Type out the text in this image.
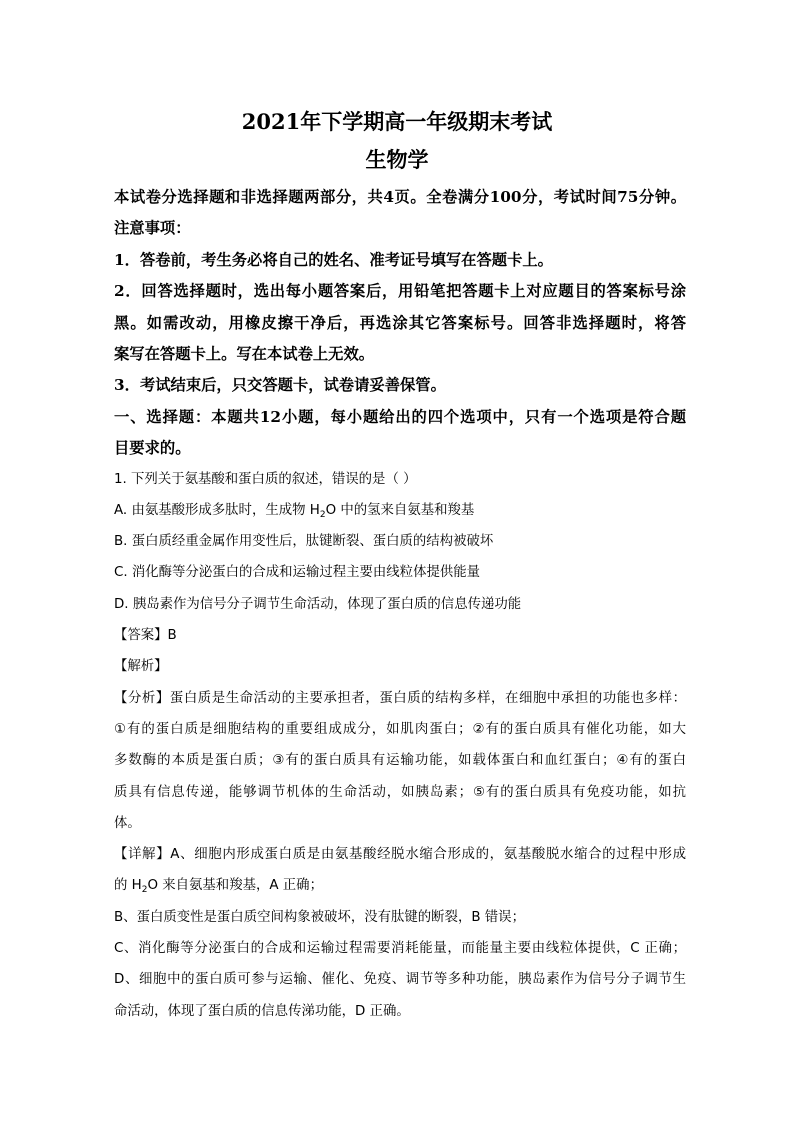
2021年下学期高一年级期末考试
生物学
本试卷分选择题和非选择题两部分，共4页。全卷满分100分，考试时间75分钟。
注意事项：
1．答卷前，考生务必将自己的姓名、准考证号填写在答题卡上。
2．回答选择题时，选出每小题答案后，用铅笔把答题卡上对应题目的答案标号涂
黑。如需改动，用橡皮擦干净后，再选涂其它答案标号。回答非选择题时，将答
案写在答题卡上。写在本试卷上无效。
3．考试结束后，只交答题卡，试卷请妥善保管。
一、选择题：本题共12小题，每小题给出的四个选项中，只有一个选项是符合题
目要求的。
1. 下列关于氨基酸和蛋白质的叙述，错误的是（ ）
A. 由氨基酸形成多肽时，生成物 $H_2O$ 中的氢来自氨基和羧基
B. 蛋白质经重金属作用变性后，肽键断裂、蛋白质的结构被破坏
C. 消化酶等分泌蛋白的合成和运输过程主要由线粒体提供能量
D. 胰岛素作为信号分子调节生命活动，体现了蛋白质的信息传递功能
【答案】B
【解析】
【分析】蛋白质是生命活动的主要承担者，蛋白质的结构多样，在细胞中承担的功能也多样：
①有的蛋白质是细胞结构的重要组成成分，如肌肉蛋白；②有的蛋白质具有催化功能，如大
多数酶的本质是蛋白质；③有的蛋白质具有运输功能，如载体蛋白和血红蛋白；④有的蛋白
质具有信息传递，能够调节机体的生命活动，如胰岛素；⑤有的蛋白质具有免疫功能，如抗
体。
【详解】A、细胞内形成蛋白质是由氨基酸经脱水缩合形成的，氨基酸脱水缩合的过程中形成
的 $H_2O$ 来自氨基和羧基，A 正确；
B、蛋白质变性是蛋白质空间构象被破坏，没有肽键的断裂，B 错误；
C、消化酶等分泌蛋白的合成和运输过程需要消耗能量，而能量主要由线粒体提供，C 正确；
D、细胞中的蛋白质可参与运输、催化、免疫、调节等多种功能，胰岛素作为信号分子调节生
命活动，体现了蛋白质的信息传涕功能，D 正确。
